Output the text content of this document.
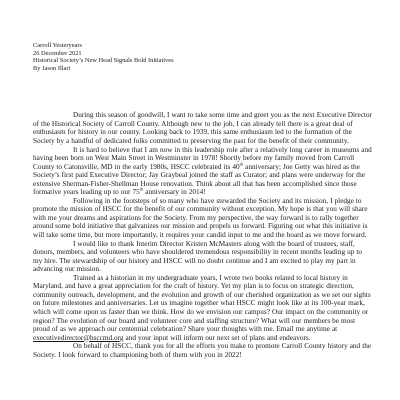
Carroll Yesteryears
26 December 2021
Historical Society’s New Head Signals Bold Initiatives
By Jason Illari

During this season of goodwill, I want to take some time and greet you as the next Executive Director of the Historical Society of Carroll County. Although new to the job, I can already tell there is a great deal of enthusiasm for history in our county. Looking back to 1939, this same enthusiasm led to the formation of the Society by a handful of dedicated folks committed to preserving the past for the benefit of their community.

It is hard to believe that I am now in this leadership role after a relatively long career in museums and having been born on West Main Street in Westminster in 1978! Shortly before my family moved from Carroll County to Catonsville, MD in the early 1980s, HSCC celebrated its 40th anniversary; Joe Getty was hired as the Society’s first paid Executive Director; Jay Graybeal joined the staff as Curator; and plans were underway for the extensive Sherman-Fisher-Shellman House renovation. Think about all that has been accomplished since those formative years leading up to our 75th anniversary in 2014!

Following in the footsteps of so many who have stewarded the Society and its mission, I pledge to promote the mission of HSCC for the benefit of our community without exception. My hope is that you will share with me your dreams and aspirations for the Society. From my perspective, the way forward is to rally together around some bold initiative that galvanizes our mission and propels us forward. Figuring out what this initiative is will take some time, but more importantly, it requires your candid input to me and the board as we move forward.

I would like to thank Interim Director Kristen McMasters along with the board of trustees, staff, donors, members, and volunteers who have shouldered tremendous responsibility in recent months leading up to my hire. The stewardship of our history and HSCC will no doubt continue and I am excited to play my part in advancing our mission.

Trained as a historian in my undergraduate years, I wrote two books related to local history in Maryland, and have a great appreciation for the craft of history. Yet my plan is to focus on strategic direction, community outreach, development, and the evolution and growth of our cherished organization as we set our sights on future milestones and anniversaries. Let us imagine together what HSCC might look like at its 100-year mark, which will come upon us faster than we think. How do we envision our campus? Our impact on the community or region? The evolution of our board and volunteer core and staffing structure? What will our members be most proud of as we approach our centennial celebration? Share your thoughts with me. Email me anytime at executivedirector@hsccmd.org and your input will inform our next set of plans and endeavors.

On behalf of HSCC, thank you for all the efforts you make to promote Carroll County history and the Society. I look forward to championing both of them with you in 2022!
